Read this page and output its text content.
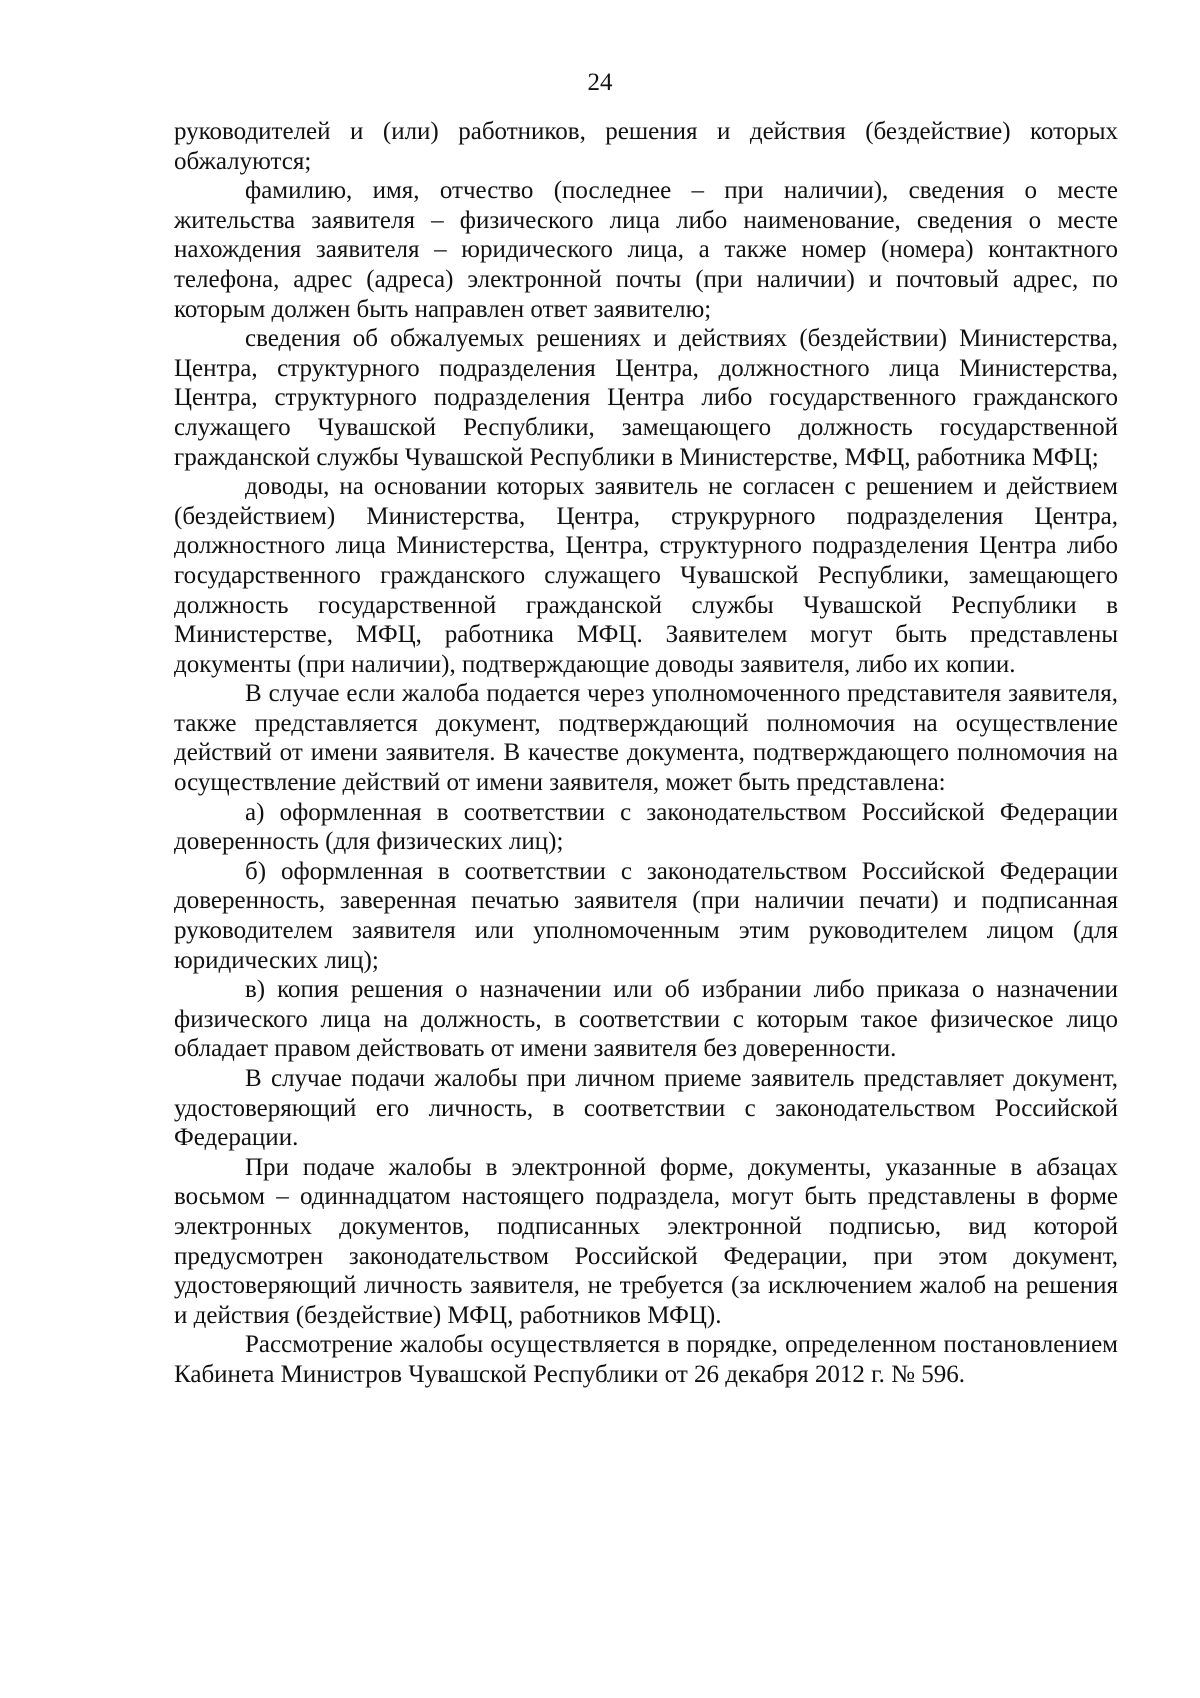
24

руководителей и (или) работников, решения и действия (бездействие) которых обжалуются;

фамилию, имя, отчество (последнее – при наличии), сведения о месте жительства заявителя – физического лица либо наименование, сведения о месте нахождения заявителя – юридического лица, а также номер (номера) контактного телефона, адрес (адреса) электронной почты (при наличии) и почтовый адрес, по которым должен быть направлен ответ заявителю;

сведения об обжалуемых решениях и действиях (бездействии) Министерства, Центра, структурного подразделения Центра, должностного лица Министерства, Центра, структурного подразделения Центра либо государственного гражданского служащего Чувашской Республики, замещающего должность государственной гражданской службы Чувашской Республики в Министерстве, МФЦ, работника МФЦ;

доводы, на основании которых заявитель не согласен с решением и действием (бездействием) Министерства, Центра, струкрурного подразделения Центра, должностного лица Министерства, Центра, структурного подразделения Центра либо государственного гражданского служащего Чувашской Республики, замещающего должность государственной гражданской службы Чувашской Республики в Министерстве, МФЦ, работника МФЦ. Заявителем могут быть представлены документы (при наличии), подтверждающие доводы заявителя, либо их копии.

В случае если жалоба подается через уполномоченного представителя заявителя, также представляется документ, подтверждающий полномочия на осуществление действий от имени заявителя. В качестве документа, подтверждающего полномочия на осуществление действий от имени заявителя, может быть представлена:

а) оформленная в соответствии с законодательством Российской Федерации доверенность (для физических лиц);

б) оформленная в соответствии с законодательством Российской Федерации доверенность, заверенная печатью заявителя (при наличии печати) и подписанная руководителем заявителя или уполномоченным этим руководителем лицом (для юридических лиц);

в) копия решения о назначении или об избрании либо приказа о назначении физического лица на должность, в соответствии с которым такое физическое лицо обладает правом действовать от имени заявителя без доверенности.

В случае подачи жалобы при личном приеме заявитель представляет документ, удостоверяющий его личность, в соответствии с законодательством Российской Федерации.

При подаче жалобы в электронной форме, документы, указанные в абзацах восьмом – одиннадцатом настоящего подраздела, могут быть представлены в форме электронных документов, подписанных электронной подписью, вид которой предусмотрен законодательством Российской Федерации, при этом документ, удостоверяющий личность заявителя, не требуется (за исключением жалоб на решения и действия (бездействие) МФЦ, работников МФЦ).

Рассмотрение жалобы осуществляется в порядке, определенном постановлением Кабинета Министров Чувашской Республики от 26 декабря 2012 г. № 596.
